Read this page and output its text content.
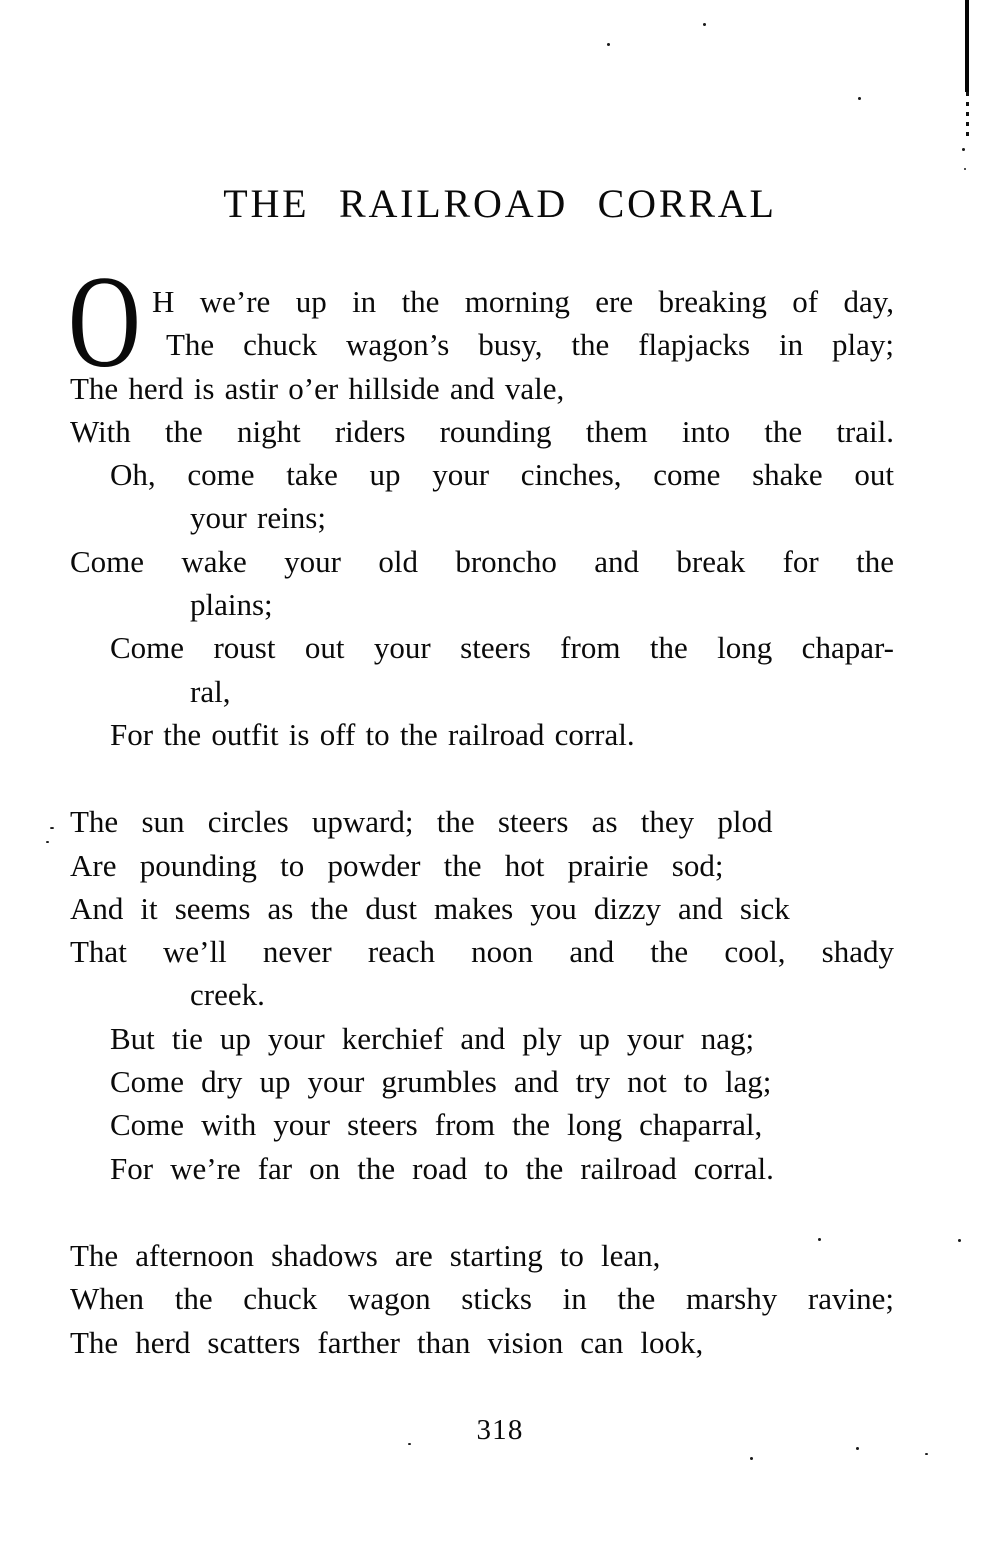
THE RAILROAD CORRAL
O H we’re up in the morning ere breaking of day,
The chuck wagon’s busy, the flapjacks in play;
The herd is astir o’er hillside and vale,
With the night riders rounding them into the trail.
Oh, come take up your cinches, come shake out
your reins;
Come wake your old broncho and break for the
plains;
Come roust out your steers from the long chapar-
ral,
For the outfit is off to the railroad corral.
The sun circles upward; the steers as they plod
Are pounding to powder the hot prairie sod;
And it seems as the dust makes you dizzy and sick
That we’ll never reach noon and the cool, shady
creek.
But tie up your kerchief and ply up your nag;
Come dry up your grumbles and try not to lag;
Come with your steers from the long chaparral,
For we’re far on the road to the railroad corral.
The afternoon shadows are starting to lean,
When the chuck wagon sticks in the marshy ravine;
The herd scatters farther than vision can look,
318
